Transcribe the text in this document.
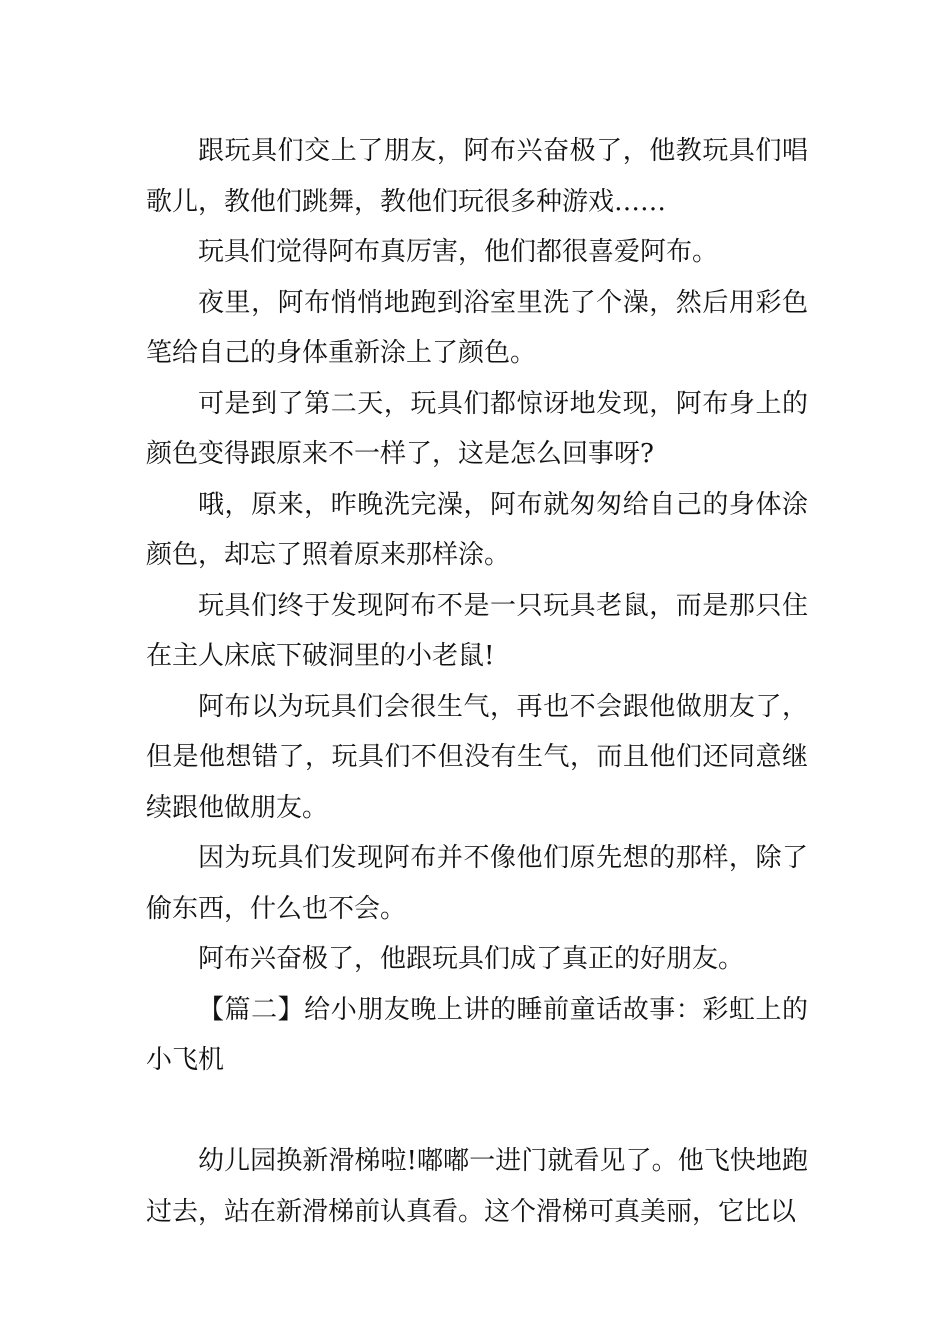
跟玩具们交上了朋友，阿布兴奋极了，他教玩具们唱歌儿，教他们跳舞，教他们玩很多种游戏……

玩具们觉得阿布真厉害，他们都很喜爱阿布。

夜里，阿布悄悄地跑到浴室里洗了个澡，然后用彩色笔给自己的身体重新涂上了颜色。

可是到了第二天，玩具们都惊讶地发现，阿布身上的颜色变得跟原来不一样了，这是怎么回事呀?

哦，原来，昨晚洗完澡，阿布就匆匆给自己的身体涂颜色，却忘了照着原来那样涂。

玩具们终于发现阿布不是一只玩具老鼠，而是那只住在主人床底下破洞里的小老鼠!

阿布以为玩具们会很生气，再也不会跟他做朋友了，但是他想错了，玩具们不但没有生气，而且他们还同意继续跟他做朋友。

因为玩具们发现阿布并不像他们原先想的那样，除了偷东西，什么也不会。

阿布兴奋极了，他跟玩具们成了真正的好朋友。

【篇二】给小朋友晚上讲的睡前童话故事：彩虹上的小飞机

幼儿园换新滑梯啦!嘟嘟一进门就看见了。他飞快地跑过去，站在新滑梯前认真看。这个滑梯可真美丽，它比以
